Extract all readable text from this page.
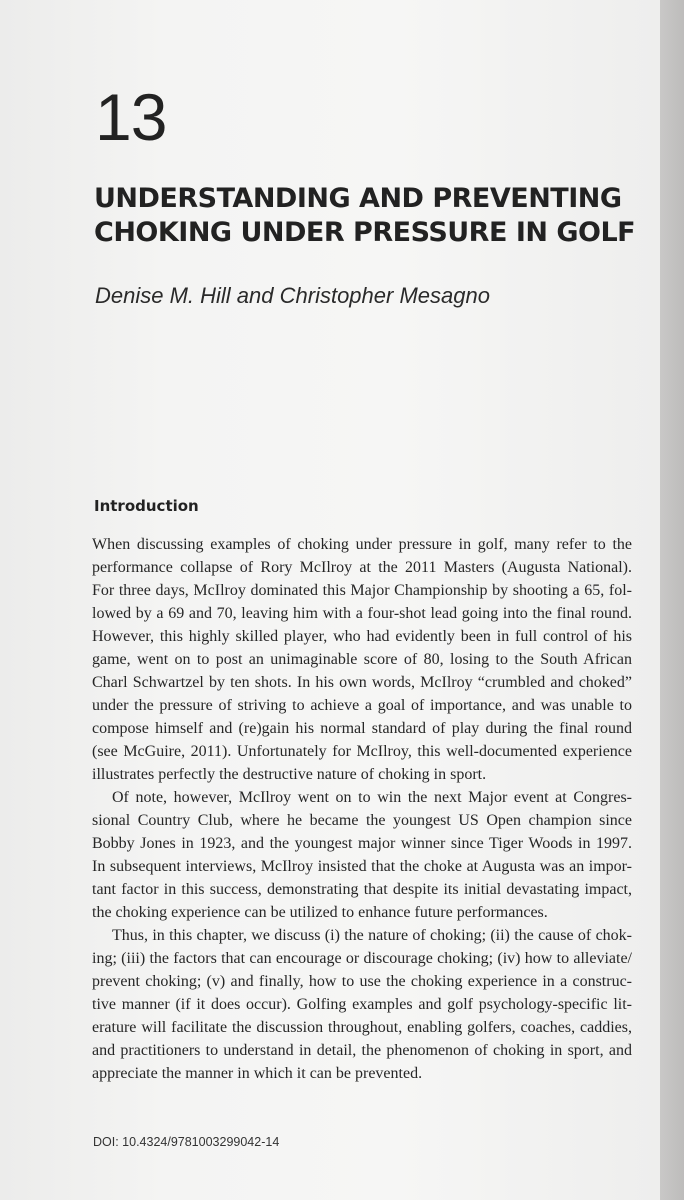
13
UNDERSTANDING AND PREVENTING
CHOKING UNDER PRESSURE IN GOLF
Denise M. Hill and Christopher Mesagno
Introduction
When discussing examples of choking under pressure in golf, many refer to the
performance collapse of Rory McIlroy at the 2011 Masters (Augusta National).
For three days, McIlroy dominated this Major Championship by shooting a 65, fol-
lowed by a 69 and 70, leaving him with a four-shot lead going into the final round.
However, this highly skilled player, who had evidently been in full control of his
game, went on to post an unimaginable score of 80, losing to the South African
Charl Schwartzel by ten shots. In his own words, McIlroy “crumbled and choked”
under the pressure of striving to achieve a goal of importance, and was unable to
compose himself and (re)gain his normal standard of play during the final round
(see McGuire, 2011). Unfortunately for McIlroy, this well-documented experience
illustrates perfectly the destructive nature of choking in sport.
Of note, however, McIlroy went on to win the next Major event at Congres-
sional Country Club, where he became the youngest US Open champion since
Bobby Jones in 1923, and the youngest major winner since Tiger Woods in 1997.
In subsequent interviews, McIlroy insisted that the choke at Augusta was an impor-
tant factor in this success, demonstrating that despite its initial devastating impact,
the choking experience can be utilized to enhance future performances.
Thus, in this chapter, we discuss (i) the nature of choking; (ii) the cause of chok-
ing; (iii) the factors that can encourage or discourage choking; (iv) how to alleviate/
prevent choking; (v) and finally, how to use the choking experience in a construc-
tive manner (if it does occur). Golfing examples and golf psychology-specific lit-
erature will facilitate the discussion throughout, enabling golfers, coaches, caddies,
and practitioners to understand in detail, the phenomenon of choking in sport, and
appreciate the manner in which it can be prevented.
DOI: 10.4324/9781003299042-14
